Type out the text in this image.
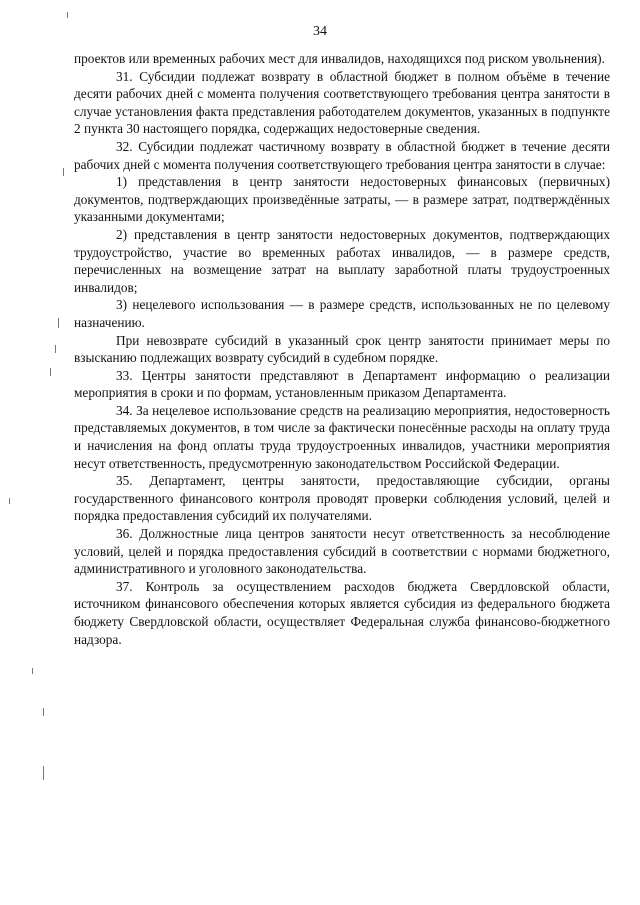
34

проектов или временных рабочих мест для инвалидов, находящихся под риском увольнения).

31. Субсидии подлежат возврату в областной бюджет в полном объёме в течение десяти рабочих дней с момента получения соответствующего требования центра занятости в случае установления факта представления работодателем документов, указанных в подпункте 2 пункта 30 настоящего порядка, содержащих недостоверные сведения.

32. Субсидии подлежат частичному возврату в областной бюджет в течение десяти рабочих дней с момента получения соответствующего требования центра занятости в случае:

1) представления в центр занятости недостоверных финансовых (первичных) документов, подтверждающих произведённые затраты, — в размере затрат, подтверждённых указанными документами;

2) представления в центр занятости недостоверных документов, подтверждающих трудоустройство, участие во временных работах инвалидов, — в размере средств, перечисленных на возмещение затрат на выплату заработной платы трудоустроенных инвалидов;

3) нецелевого использования — в размере средств, использованных не по целевому назначению.

При невозврате субсидий в указанный срок центр занятости принимает меры по взысканию подлежащих возврату субсидий в судебном порядке.

33. Центры занятости представляют в Департамент информацию о реализации мероприятия в сроки и по формам, установленным приказом Департамента.

34. За нецелевое использование средств на реализацию мероприятия, недостоверность представляемых документов, в том числе за фактически понесённые расходы на оплату труда и начисления на фонд оплаты труда трудоустроенных инвалидов, участники мероприятия несут ответственность, предусмотренную законодательством Российской Федерации.

35. Департамент, центры занятости, предоставляющие субсидии, органы государственного финансового контроля проводят проверки соблюдения условий, целей и порядка предоставления субсидий их получателями.

36. Должностные лица центров занятости несут ответственность за несоблюдение условий, целей и порядка предоставления субсидий в соответствии с нормами бюджетного, административного и уголовного законодательства.

37. Контроль за осуществлением расходов бюджета Свердловской области, источником финансового обеспечения которых является субсидия из федерального бюджета бюджету Свердловской области, осуществляет Федеральная служба финансово-бюджетного надзора.
